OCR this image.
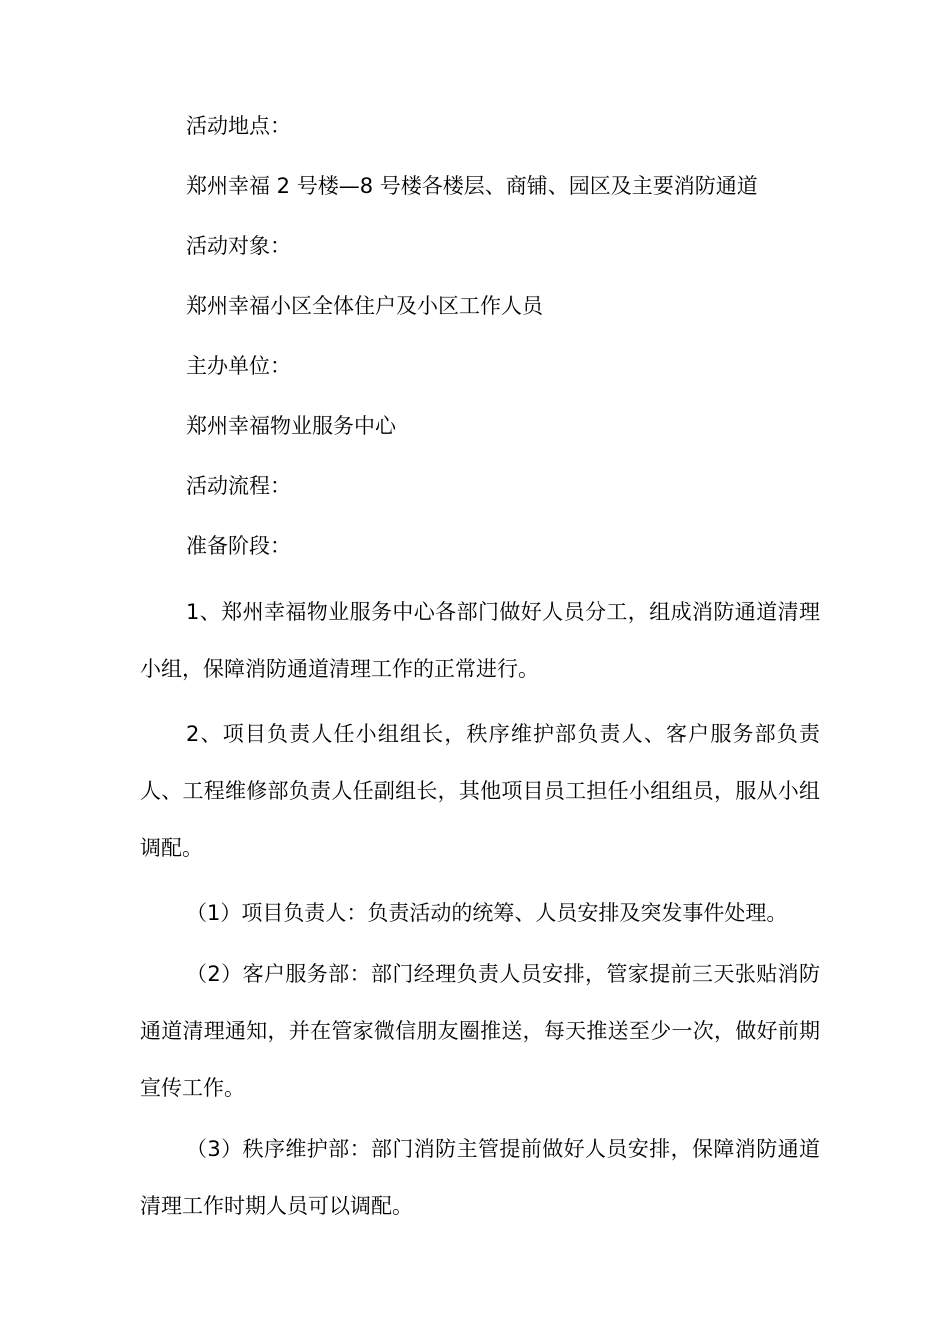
活动地点：

郑州幸福 2 号楼—8 号楼各楼层、商铺、园区及主要消防通道

活动对象：

郑州幸福小区全体住户及小区工作人员

主办单位：

郑州幸福物业服务中心

活动流程：

准备阶段：

1、郑州幸福物业服务中心各部门做好人员分工，组成消防通道清理小组，保障消防通道清理工作的正常进行。

2、项目负责人任小组组长，秩序维护部负责人、客户服务部负责人、工程维修部负责人任副组长，其他项目员工担任小组组员，服从小组调配。

（1）项目负责人：负责活动的统筹、人员安排及突发事件处理。

（2）客户服务部：部门经理负责人员安排，管家提前三天张贴消防通道清理通知，并在管家微信朋友圈推送，每天推送至少一次，做好前期宣传工作。

（3）秩序维护部：部门消防主管提前做好人员安排，保障消防通道清理工作时期人员可以调配。
